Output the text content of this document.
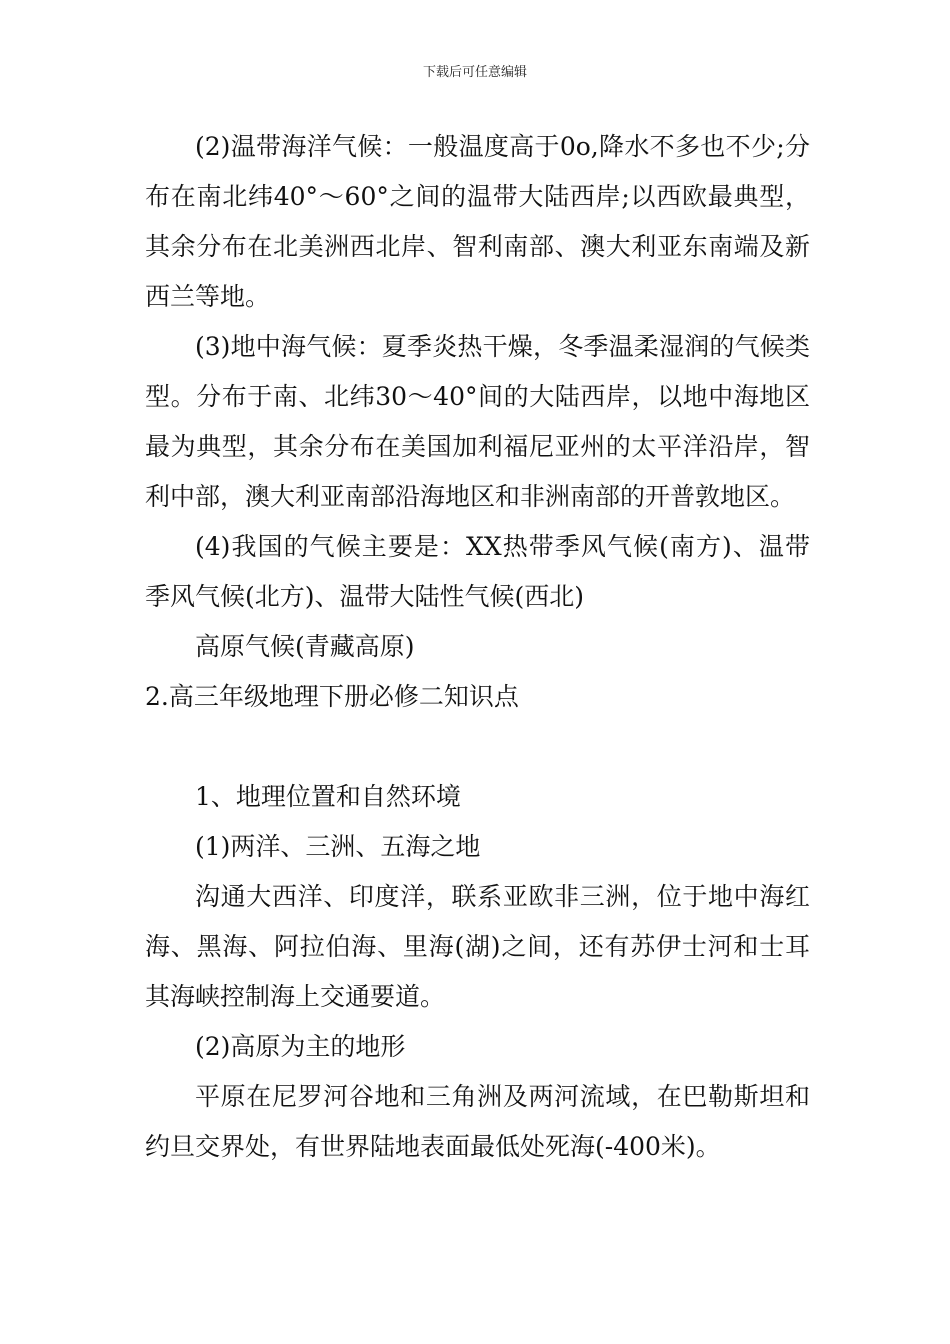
下载后可任意编辑

(2)温带海洋气候：一般温度高于0o,降水不多也不少;分布在南北纬40°～60°之间的温带大陆西岸;以西欧最典型，其余分布在北美洲西北岸、智利南部、澳大利亚东南端及新西兰等地。

(3)地中海气候：夏季炎热干燥，冬季温柔湿润的气候类型。分布于南、北纬30～40°间的大陆西岸，以地中海地区最为典型，其余分布在美国加利福尼亚州的太平洋沿岸，智利中部，澳大利亚南部沿海地区和非洲南部的开普敦地区。

(4)我国的气候主要是：XX热带季风气候(南方)、温带季风气候(北方)、温带大陆性气候(西北)

高原气候(青藏高原)

2.高三年级地理下册必修二知识点

1、地理位置和自然环境

(1)两洋、三洲、五海之地

沟通大西洋、印度洋，联系亚欧非三洲，位于地中海红海、黑海、阿拉伯海、里海(湖)之间，还有苏伊士河和士耳其海峡控制海上交通要道。

(2)高原为主的地形

平原在尼罗河谷地和三角洲及两河流域，在巴勒斯坦和约旦交界处，有世界陆地表面最低处死海(-400米)。
